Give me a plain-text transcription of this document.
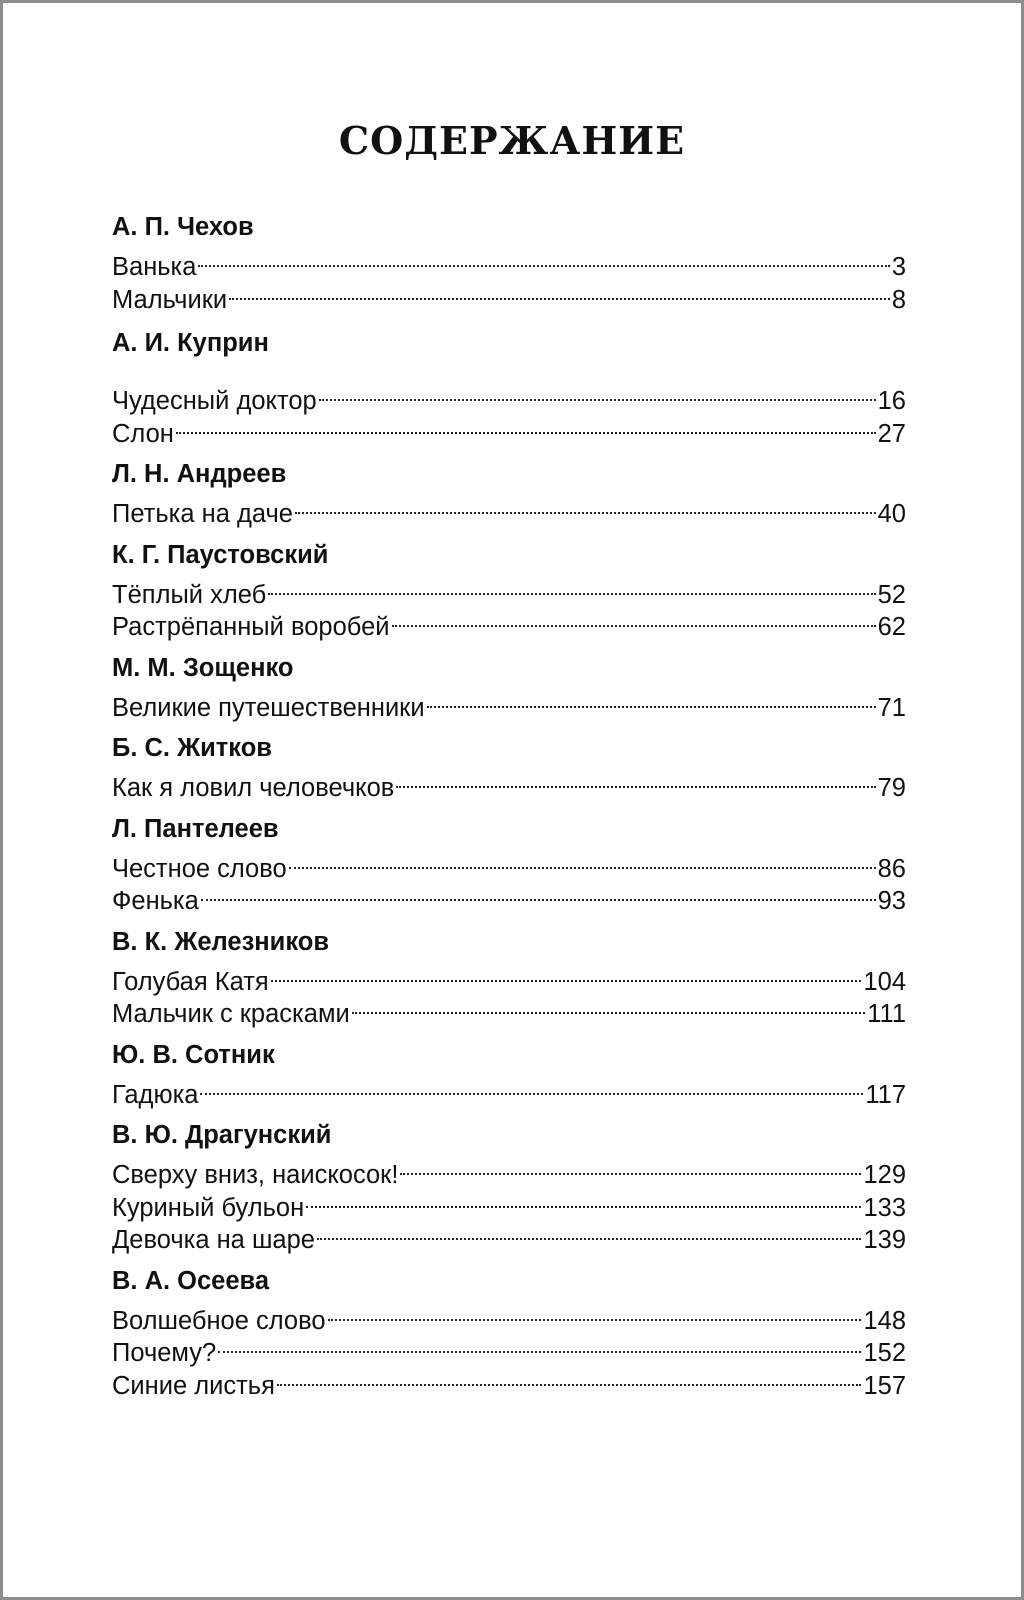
СОДЕРЖАНИЕ
А. П. Чехов
Ванька	3
Мальчики	8
А. И. Куприн
Чудесный доктор	16
Слон	27
Л. Н. Андреев
Петька на даче	40
К. Г. Паустовский
Тёплый хлеб	52
Растрёпанный воробей	62
М. М. Зощенко
Великие путешественники	71
Б. С. Житков
Как я ловил человечков	79
Л. Пантелеев
Честное слово	86
Фенька	93
В. К. Железников
Голубая Катя	104
Мальчик с красками	111
Ю. В. Сотник
Гадюка	117
В. Ю. Драгунский
Сверху вниз, наискосок!	129
Куриный бульон	133
Девочка на шаре	139
В. А. Осеева
Волшебное слово	148
Почему?	152
Синие листья	157
